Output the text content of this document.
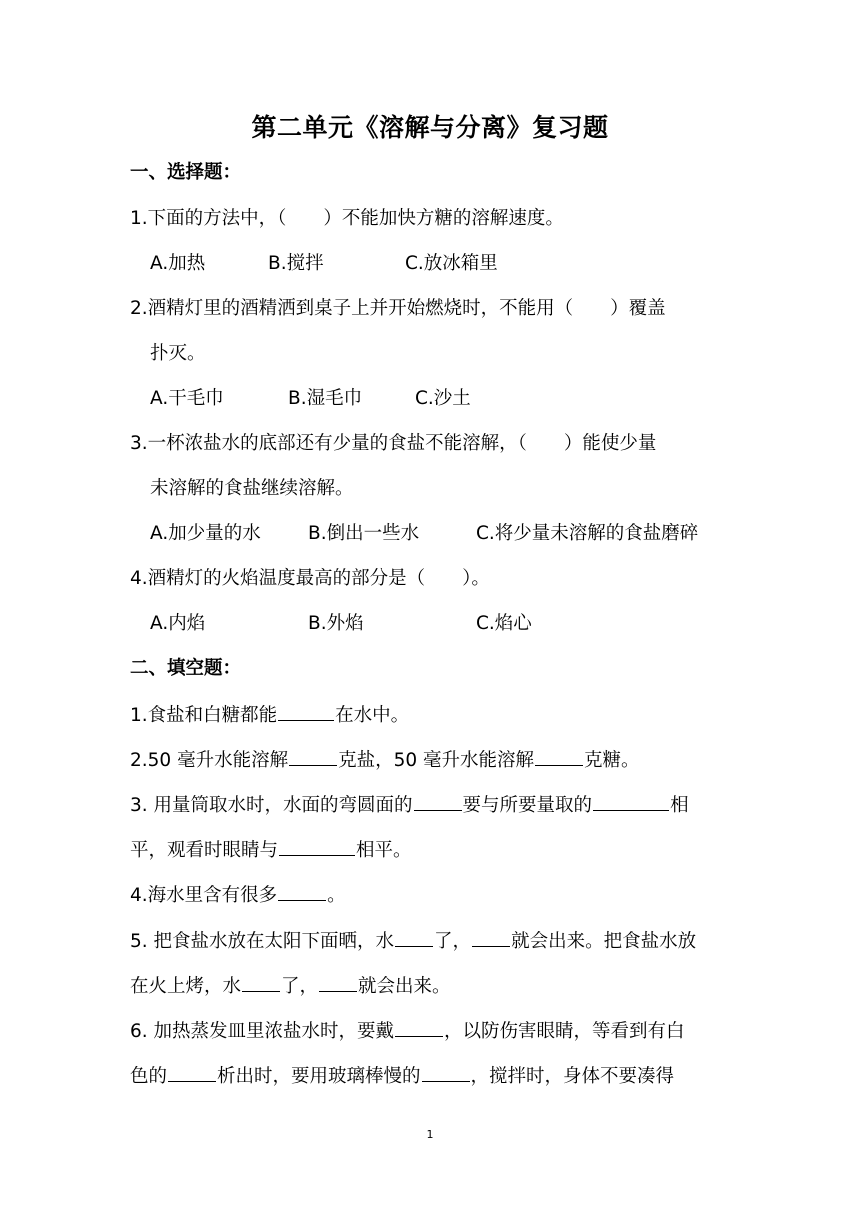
第二单元《溶解与分离》复习题
一、选择题：
1.下面的方法中，（　　）不能加快方糖的溶解速度。
A.加热	B.搅拌	C.放冰箱里
2.酒精灯里的酒精洒到桌子上并开始燃烧时，不能用（　　）覆盖
扑灭。
A.干毛巾	B.湿毛巾	C.沙土
3.一杯浓盐水的底部还有少量的食盐不能溶解，（　　）能使少量
未溶解的食盐继续溶解。
A.加少量的水	B.倒出一些水	C.将少量未溶解的食盐磨碎
4.酒精灯的火焰温度最高的部分是（　　）。
A.内焰	B.外焰	C.焰心
二、填空题：
1.食盐和白糖都能	在水中。
2.50 毫升水能溶解	克盐，50 毫升水能溶解	克糖。
3. 用量筒取水时，水面的弯圆面的	要与所要量取的	相
平，观看时眼睛与	相平。
4.海水里含有很多	。
5. 把食盐水放在太阳下面晒，水 了， 就会出来。把食盐水放
在火上烤，水 了， 就会出来。
6. 加热蒸发皿里浓盐水时，要戴	，以防伤害眼睛，等看到有白
色的	析出时，要用玻璃棒慢的	，搅拌时，身体不要凑得
1
